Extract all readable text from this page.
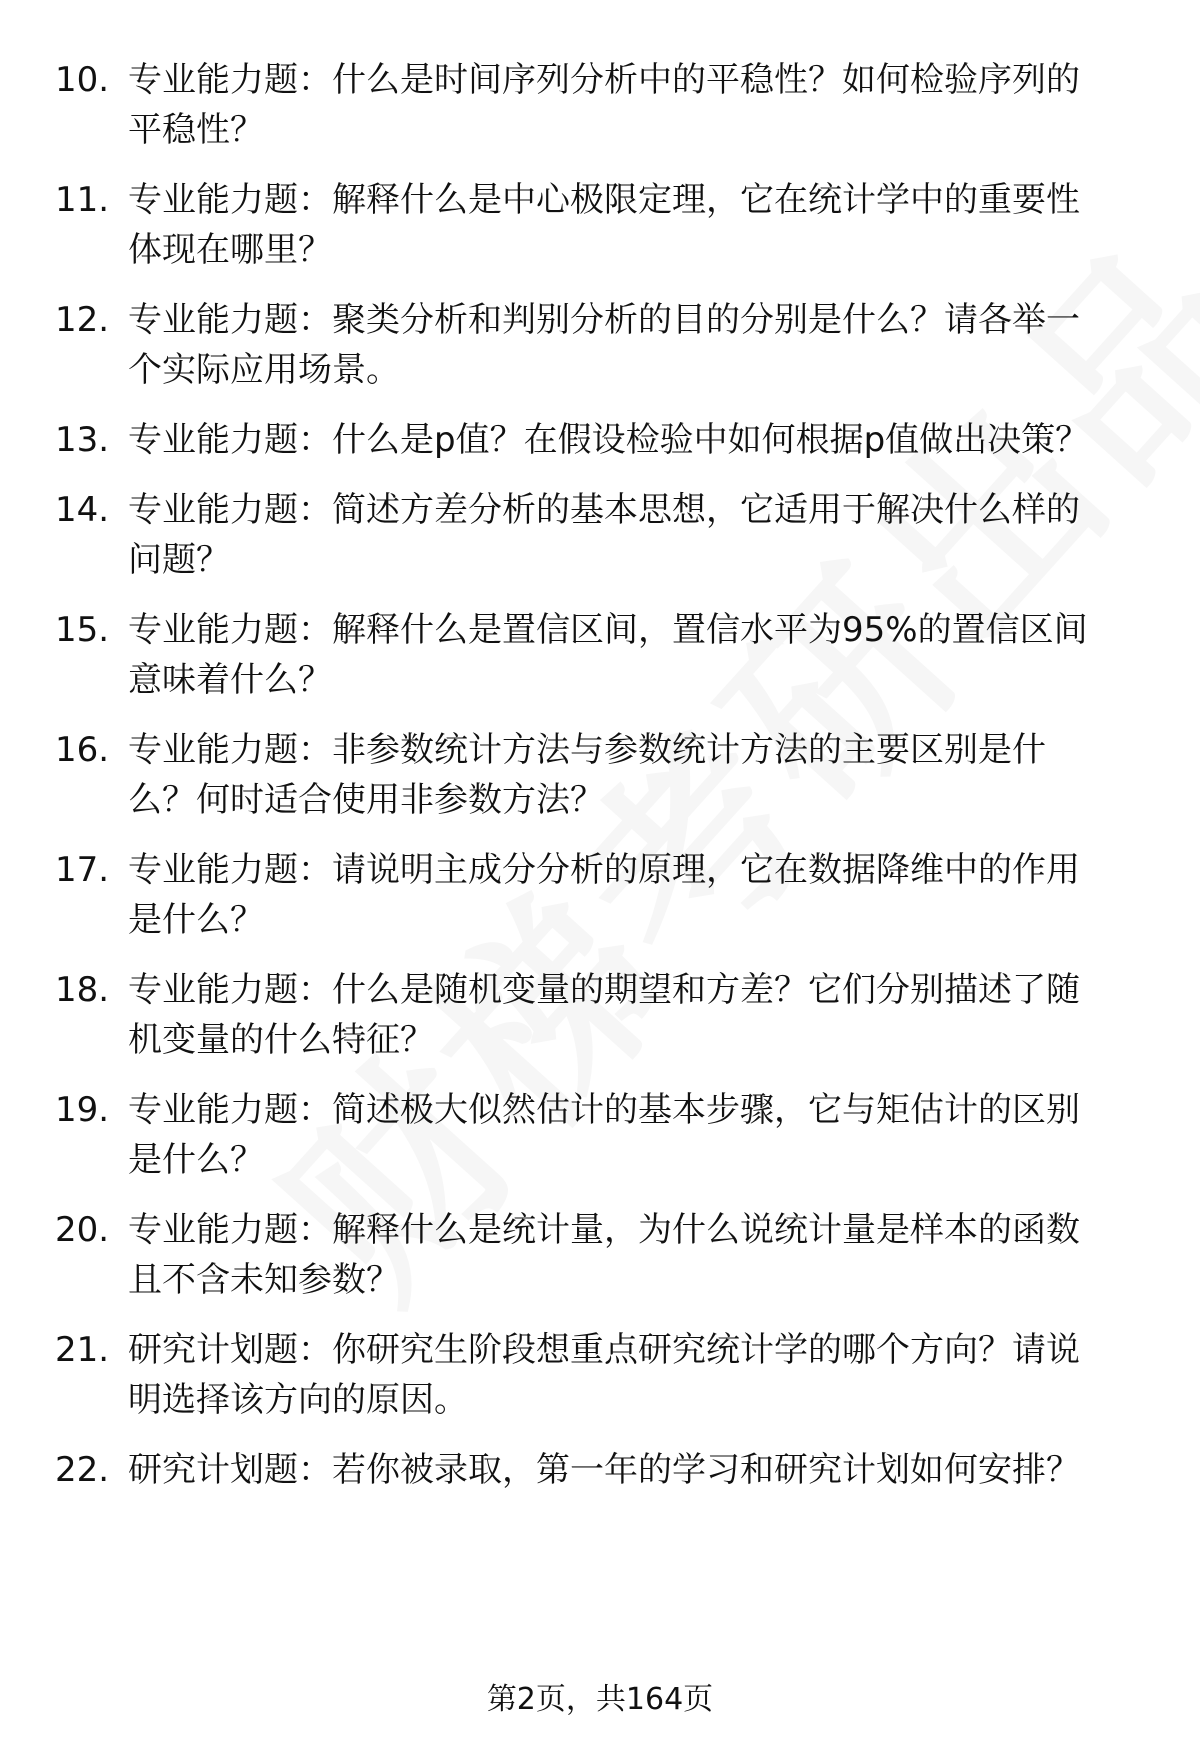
10. 专业能力题：什么是时间序列分析中的平稳性？如何检验序列的
平稳性？
11. 专业能力题：解释什么是中心极限定理，它在统计学中的重要性
体现在哪里？
12. 专业能力题：聚类分析和判别分析的目的分别是什么？请各举一
个实际应用场景。
13. 专业能力题：什么是p值？在假设检验中如何根据p值做出决策？
14. 专业能力题：简述方差分析的基本思想，它适用于解决什么样的
问题？
15. 专业能力题：解释什么是置信区间，置信水平为95%的置信区间
意味着什么？
16. 专业能力题：非参数统计方法与参数统计方法的主要区别是什
么？何时适合使用非参数方法？
17. 专业能力题：请说明主成分分析的原理，它在数据降维中的作用
是什么？
18. 专业能力题：什么是随机变量的期望和方差？它们分别描述了随
机变量的什么特征？
19. 专业能力题：简述极大似然估计的基本步骤，它与矩估计的区别
是什么？
20. 专业能力题：解释什么是统计量，为什么说统计量是样本的函数
且不含未知参数？
21. 研究计划题：你研究生阶段想重点研究统计学的哪个方向？请说
明选择该方向的原因。
22. 研究计划题：若你被录取，第一年的学习和研究计划如何安排？
第2页，共164页
